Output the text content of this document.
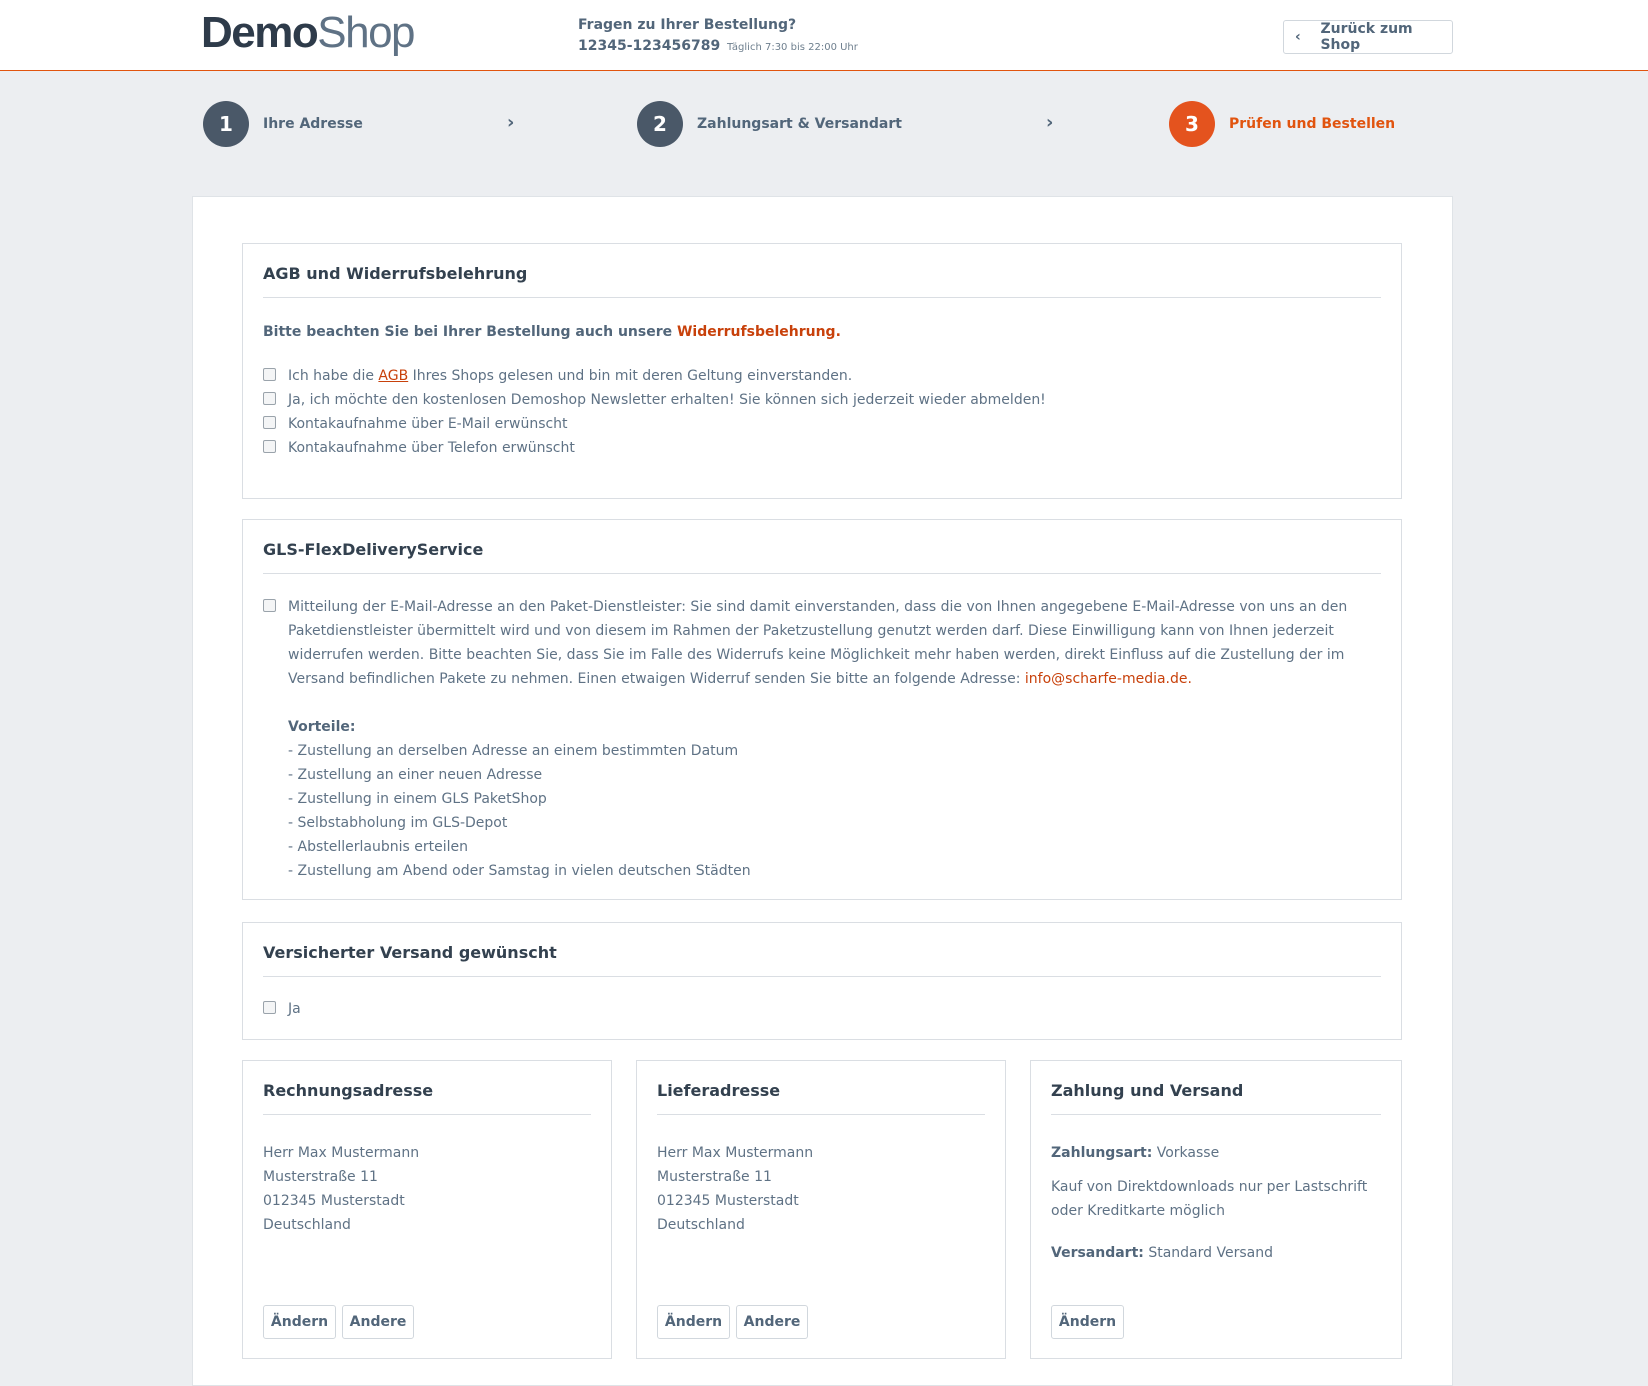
DemoShop	Fragen zu Ihrer Bestellung?
12345-123456789 Täglich 7:30 bis 22:00 Uhr
‹	Zurück zum Shop
1	Ihre Adresse	›	2	Zahlungsart & Versandart	›	3	Prüfen und Bestellen
AGB und Widerrufsbelehrung
Bitte beachten Sie bei Ihrer Bestellung auch unsere Widerrufsbelehrung.
Ich habe die AGB Ihres Shops gelesen und bin mit deren Geltung einverstanden.
Ja, ich möchte den kostenlosen Demoshop Newsletter erhalten! Sie können sich jederzeit wieder abmelden!
Kontakaufnahme über E-Mail erwünscht
Kontakaufnahme über Telefon erwünscht
GLS-FlexDeliveryService
Mitteilung der E-Mail-Adresse an den Paket-Dienstleister: Sie sind damit einverstanden, dass die von Ihnen angegebene E-Mail-Adresse von uns an den
Paketdienstleister übermittelt wird und von diesem im Rahmen der Paketzustellung genutzt werden darf. Diese Einwilligung kann von Ihnen jederzeit
widerrufen werden. Bitte beachten Sie, dass Sie im Falle des Widerrufs keine Möglichkeit mehr haben werden, direkt Einfluss auf die Zustellung der im
Versand befindlichen Pakete zu nehmen. Einen etwaigen Widerruf senden Sie bitte an folgende Adresse: info@scharfe-media.de.
Vorteile:
- Zustellung an derselben Adresse an einem bestimmten Datum
- Zustellung an einer neuen Adresse
- Zustellung in einem GLS PaketShop
- Selbstabholung im GLS-Depot
- Abstellerlaubnis erteilen
- Zustellung am Abend oder Samstag in vielen deutschen Städten
Versicherter Versand gewünscht
Ja
Rechnungsadresse
Herr Max Mustermann
Musterstraße 11
012345 Musterstadt
Deutschland
Ändern	Andere
Lieferadresse
Herr Max Mustermann
Musterstraße 11
012345 Musterstadt
Deutschland
Ändern	Andere
Zahlung und Versand
Zahlungsart: Vorkasse
Kauf von Direktdownloads nur per Lastschrift
oder Kreditkarte möglich
Versandart: Standard Versand
Ändern
